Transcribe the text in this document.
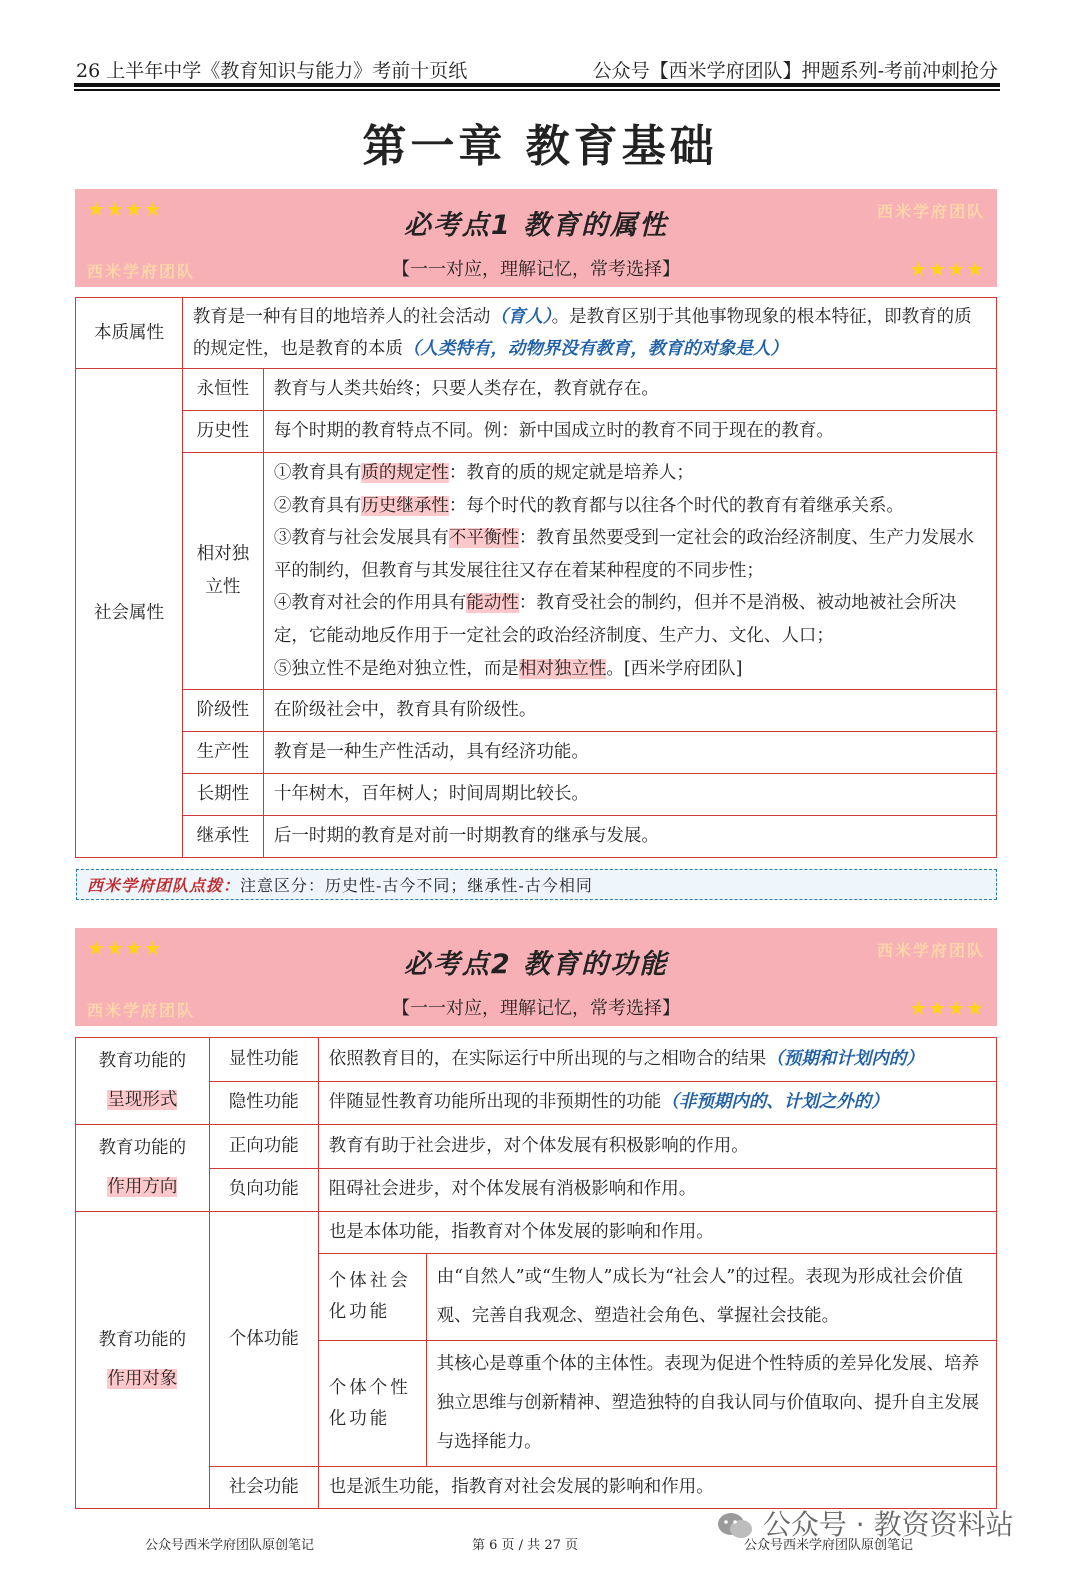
26 上半年中学《教育知识与能力》考前十页纸	公众号【西米学府团队】押题系列-考前冲刺抢分
第一章 教育基础
★★★★	西米学府团队
必考点1 教育的属性
西米学府团队	【一一对应，理解记忆，常考选择】	★★★★
本质属性	教育是一种有目的地培养人的社会活动（育人）。是教育区别于其他事物现象的根本特征，即教育的质的规定性，也是教育的本质（人类特有，动物界没有教育，教育的对象是人）	
社会属性	永恒性	教育与人类共始终；只要人类存在，教育就存在。
	历史性	每个时期的教育特点不同。例：新中国成立时的教育不同于现在的教育。
	相对独立性	①教育具有质的规定性：教育的质的规定就是培养人；
②教育具有历史继承性：每个时代的教育都与以往各个时代的教育有着继承关系。
③教育与社会发展具有不平衡性：教育虽然要受到一定社会的政治经济制度、生产力发展水平的制约，但教育与其发展往往又存在着某种程度的不同步性；
④教育对社会的作用具有能动性：教育受社会的制约，但并不是消极、被动地被社会所决定，它能动地反作用于一定社会的政治经济制度、生产力、文化、人口；
⑤独立性不是绝对独立性，而是相对独立性。[西米学府团队]

	阶级性	在阶级社会中，教育具有阶级性。
	生产性	教育是一种生产性活动，具有经济功能。
	长期性	十年树木，百年树人；时间周期比较长。
	继承性	后一时期的教育是对前一时期教育的继承与发展。
西米学府团队点拨：注意区分：历史性-古今不同；继承性-古今相同
★★★★	西米学府团队
必考点2 教育的功能
西米学府团队	【一一对应，理解记忆，常考选择】	★★★★
教育功能的
呈现形式	显性功能	依照教育目的，在实际运行中所出现的与之相吻合的结果（预期和计划内的）	
	隐性功能	伴随显性教育功能所出现的非预期性的功能（非预期内的、计划之外的）	

教育功能的
作用方向	正向功能	教育有助于社会进步，对个体发展有积极影响的作用。	
	负向功能	阻碍社会进步，对个体发展有消极影响和作用。	

教育功能的
作用对象	个体功能	也是本体功能，指教育对个体发展的影响和作用。	
		个体社会化功能	由“自然人”或“生物人”成长为“社会人”的过程。表现为形成社会价值观、完善自我观念、塑造社会角色、掌握社会技能。
		个体个性化功能	其核心是尊重个体的主体性。表现为促进个性特质的差异化发展、培养独立思维与创新精神、塑造独特的自我认同与价值取向、提升自主发展与选择能力。
	社会功能	也是派生功能，指教育对社会发展的影响和作用。	
公众号 · 教资资料站
公众号西米学府团队原创笔记	第 6 页 / 共 27 页	公众号西米学府团队原创笔记
